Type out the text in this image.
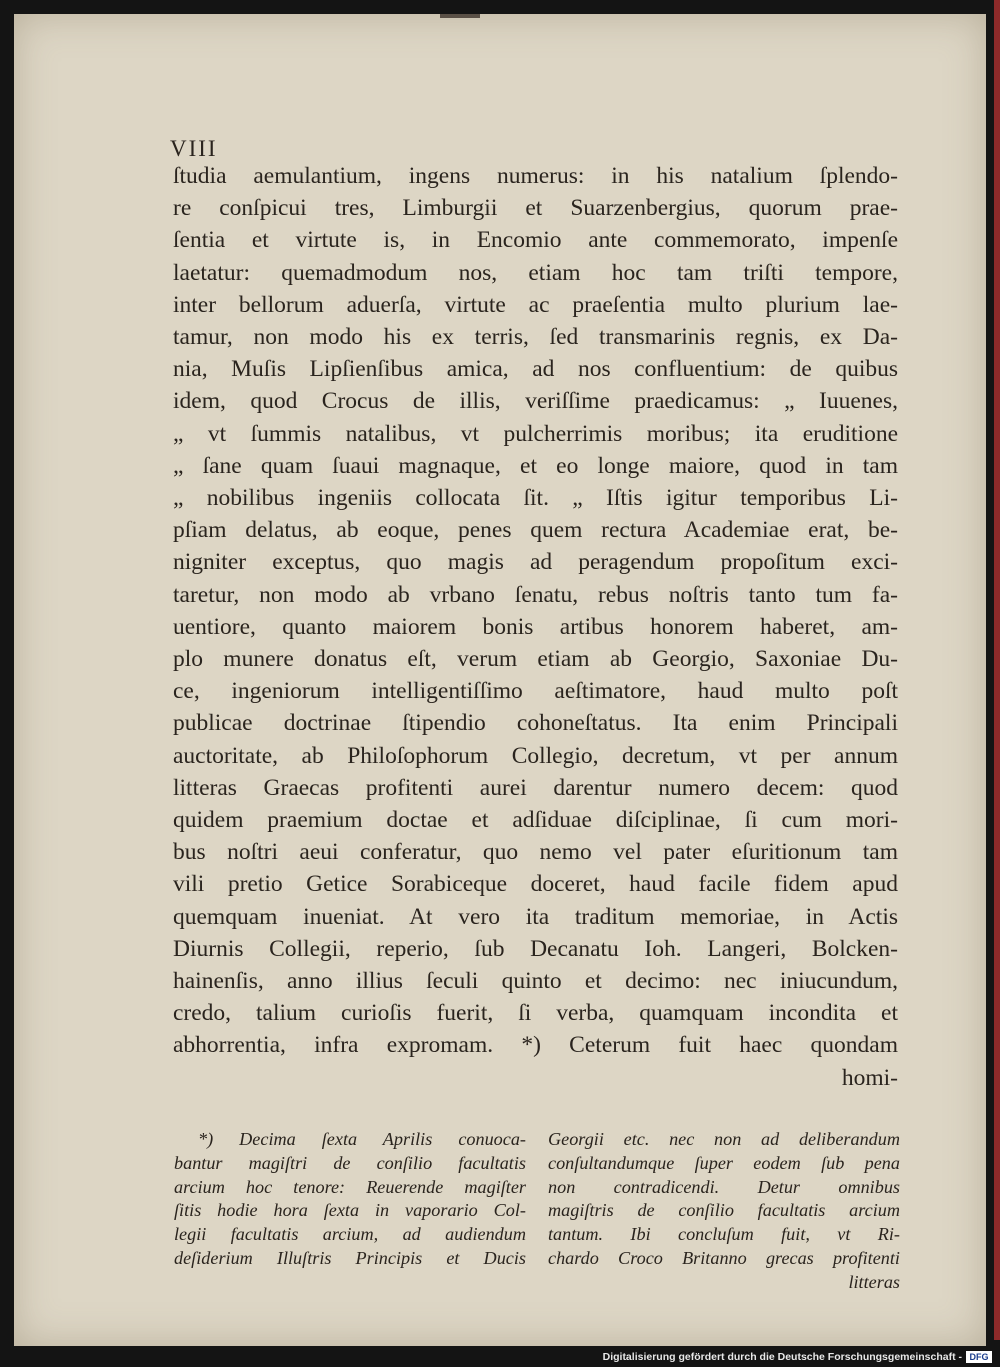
VIII
ſtudia aemulantium, ingens numerus: in his natalium ſplendo-
re conſpicui tres, Limburgii et Suarzenbergius, quorum prae-
ſentia et virtute is, in Encomio ante commemorato, impenſe
laetatur: quemadmodum nos, etiam hoc tam triſti tempore,
inter bellorum aduerſa, virtute ac praeſentia multo plurium lae-
tamur, non modo his ex terris, ſed transmarinis regnis, ex Da-
nia, Muſis Lipſienſibus amica, ad nos confluentium: de quibus
idem, quod Crocus de illis, veriſſime praedicamus: „ Iuuenes,
„ vt ſummis natalibus, vt pulcherrimis moribus; ita eruditione
„ ſane quam ſuaui magnaque, et eo longe maiore, quod in tam
„ nobilibus ingeniis collocata ſit. „ Iſtis igitur temporibus Li-
pſiam delatus, ab eoque, penes quem rectura Academiae erat, be-
nigniter exceptus, quo magis ad peragendum propoſitum exci-
taretur, non modo ab vrbano ſenatu, rebus noſtris tanto tum fa-
uentiore, quanto maiorem bonis artibus honorem haberet, am-
plo munere donatus eſt, verum etiam ab Georgio, Saxoniae Du-
ce, ingeniorum intelligentiſſimo aeſtimatore, haud multo poſt
publicae doctrinae ſtipendio cohoneſtatus. Ita enim Principali
auctoritate, ab Philoſophorum Collegio, decretum, vt per annum
litteras Graecas profitenti aurei darentur numero decem: quod
quidem praemium doctae et adſiduae diſciplinae, ſi cum mori-
bus noſtri aeui conferatur, quo nemo vel pater eſuritionum tam
vili pretio Getice Sorabiceque doceret, haud facile fidem apud
quemquam inueniat. At vero ita traditum memoriae, in Actis
Diurnis Collegii, reperio, ſub Decanatu Ioh. Langeri, Bolcken-
hainenſis, anno illius ſeculi quinto et decimo: nec iniucundum,
credo, talium curioſis fuerit, ſi verba, quamquam incondita et
abhorrentia, infra expromam. *) Ceterum fuit haec quondam
homi-
*) Decima ſexta Aprilis conuoca-
bantur magiſtri de conſilio facultatis
arcium hoc tenore: Reuerende magiſter
ſitis hodie hora ſexta in vaporario Col-
legii facultatis arcium, ad audiendum
deſiderium Illuſtris Principis et Ducis
Georgii etc. nec non ad deliberandum
conſultandumque ſuper eodem ſub pena
non contradicendi. Detur omnibus
magiſtris de conſilio facultatis arcium
tantum. Ibi concluſum fuit, vt Ri-
chardo Croco Britanno grecas profitenti
litteras
Digitalisierung gefördert durch die Deutsche Forschungsgemeinschaft - DFG
